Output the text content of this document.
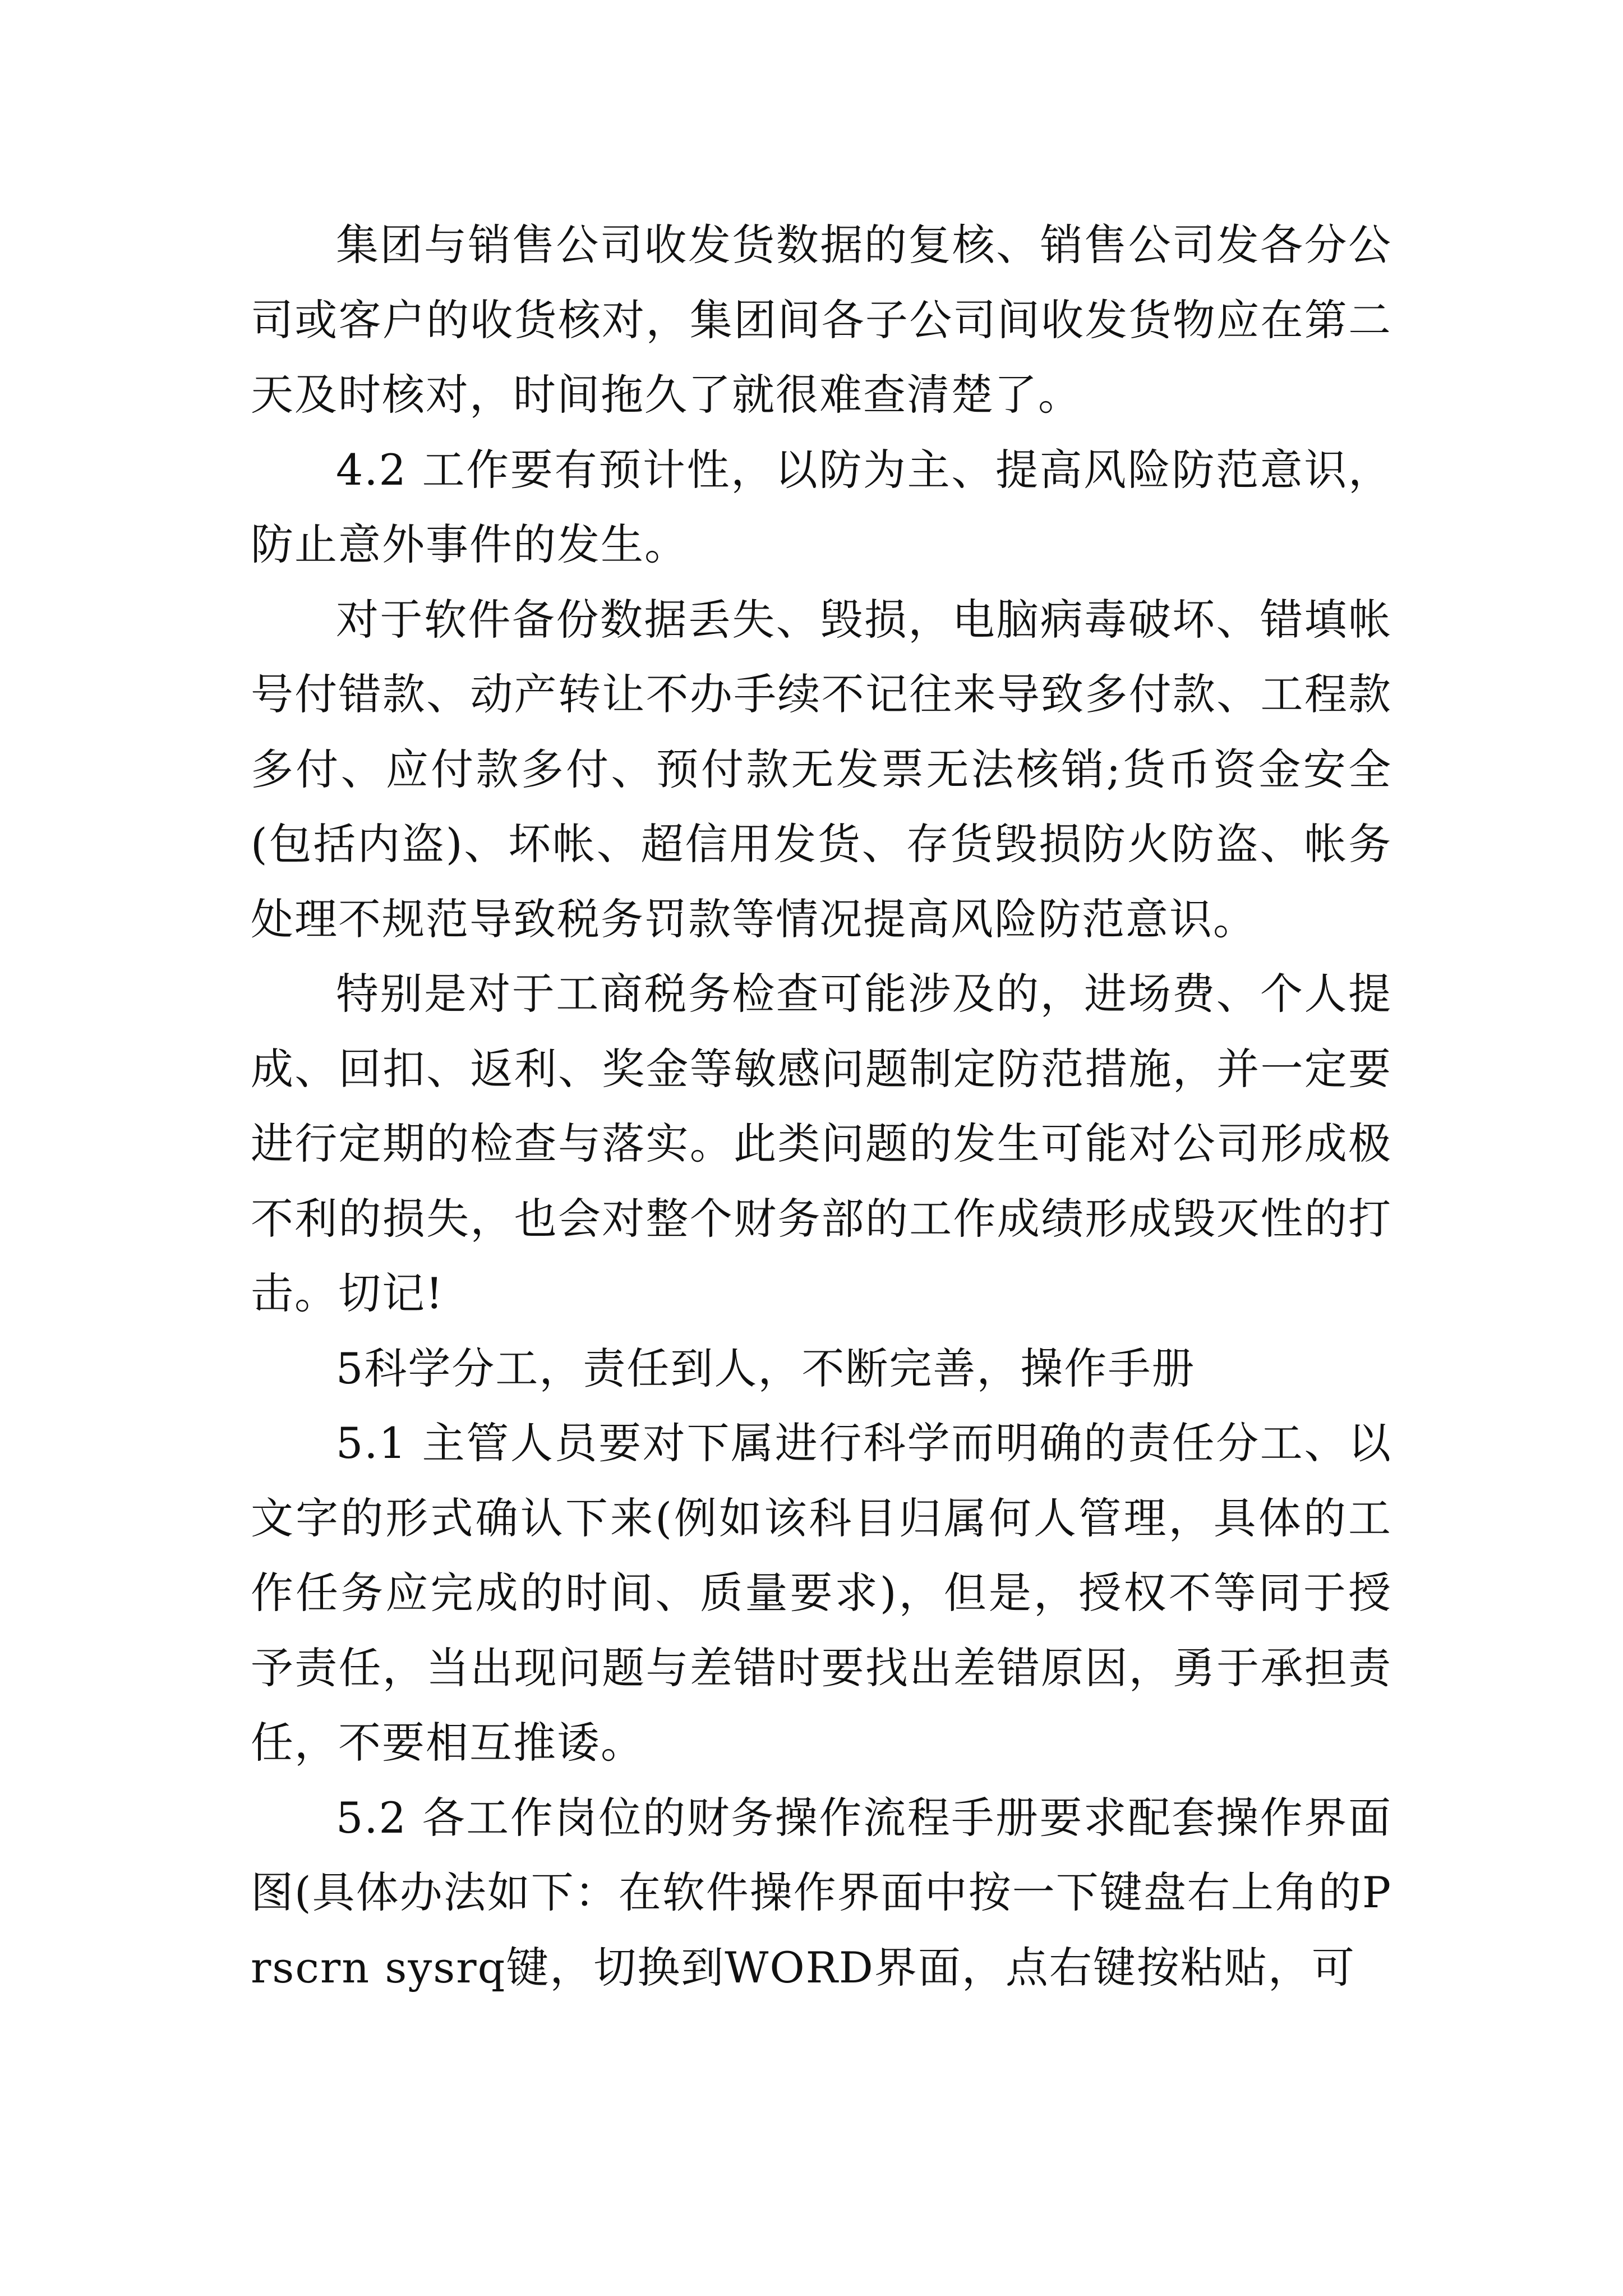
集团与销售公司收发货数据的复核、销售公司发各分公司或客户的收货核对，集团间各子公司间收发货物应在第二天及时核对，时间拖久了就很难查清楚了。

4.2 工作要有预计性，以防为主、提高风险防范意识，防止意外事件的发生。

对于软件备份数据丢失、毁损，电脑病毒破坏、错填帐号付错款、动产转让不办手续不记往来导致多付款、工程款多付、应付款多付、预付款无发票无法核销;货币资金安全(包括内盗)、坏帐、超信用发货、存货毁损防火防盗、帐务处理不规范导致税务罚款等情况提高风险防范意识。

特别是对于工商税务检查可能涉及的，进场费、个人提成、回扣、返利、奖金等敏感问题制定防范措施，并一定要进行定期的检查与落实。此类问题的发生可能对公司形成极不利的损失，也会对整个财务部的工作成绩形成毁灭性的打击。切记!

5科学分工，责任到人，不断完善，操作手册

5.1 主管人员要对下属进行科学而明确的责任分工、以文字的形式确认下来(例如该科目归属何人管理，具体的工作任务应完成的时间、质量要求)，但是，授权不等同于授予责任，当出现问题与差错时要找出差错原因，勇于承担责任，不要相互推诿。

5.2 各工作岗位的财务操作流程手册要求配套操作界面图(具体办法如下：在软件操作界面中按一下键盘右上角的Prscrn sysrq键，切换到WORD界面，点右键按粘贴，可
